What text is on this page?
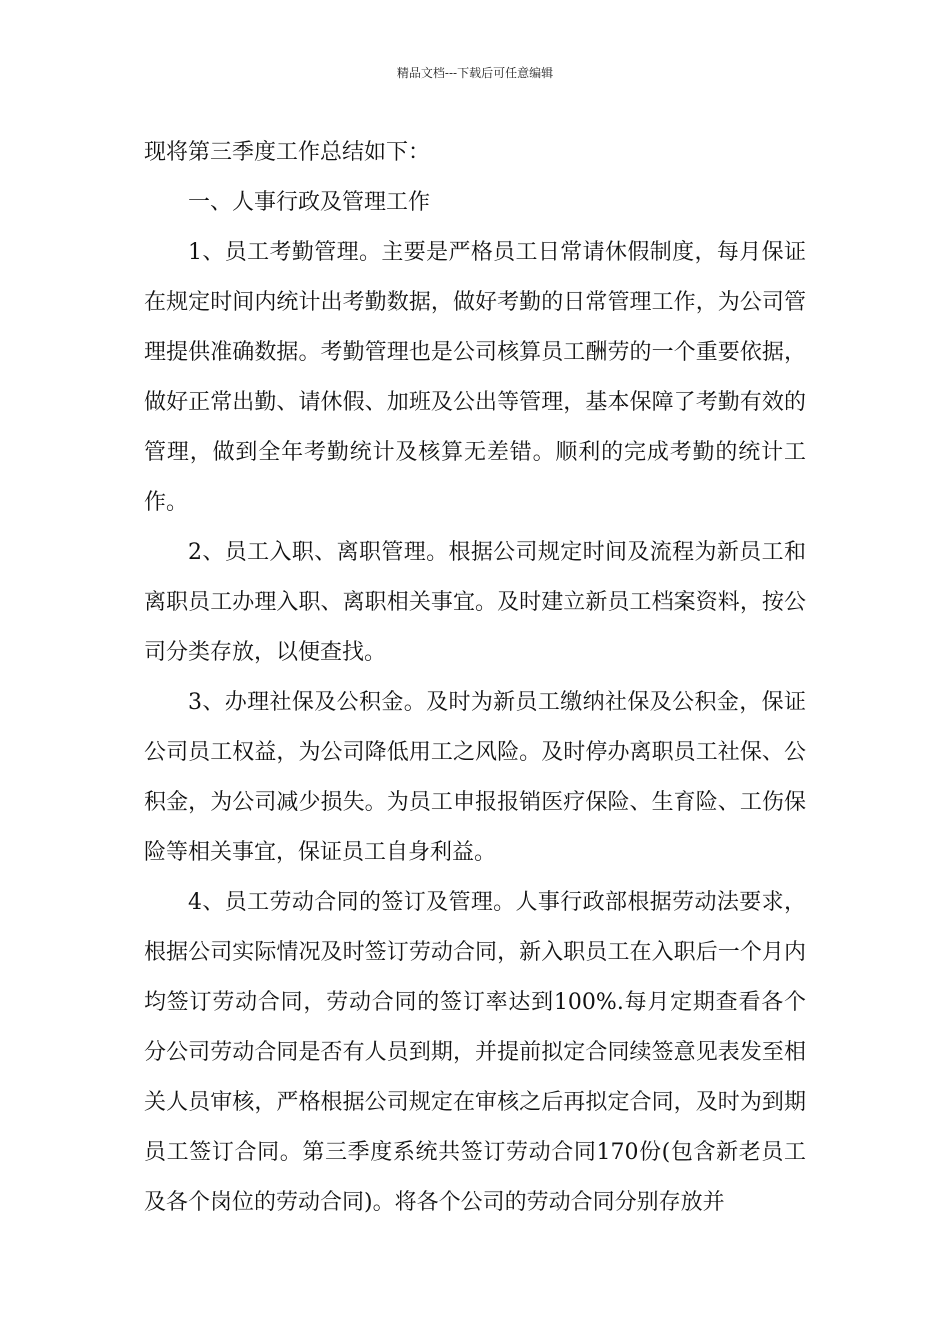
精品文档---下载后可任意编辑

现将第三季度工作总结如下：

一、人事行政及管理工作

1、员工考勤管理。主要是严格员工日常请休假制度，每月保证在规定时间内统计出考勤数据，做好考勤的日常管理工作，为公司管理提供准确数据。考勤管理也是公司核算员工酬劳的一个重要依据，做好正常出勤、请休假、加班及公出等管理，基本保障了考勤有效的管理，做到全年考勤统计及核算无差错。顺利的完成考勤的统计工作。

2、员工入职、离职管理。根据公司规定时间及流程为新员工和离职员工办理入职、离职相关事宜。及时建立新员工档案资料，按公司分类存放，以便查找。

3、办理社保及公积金。及时为新员工缴纳社保及公积金，保证公司员工权益，为公司降低用工之风险。及时停办离职员工社保、公积金，为公司减少损失。为员工申报报销医疗保险、生育险、工伤保险等相关事宜，保证员工自身利益。

4、员工劳动合同的签订及管理。人事行政部根据劳动法要求，根据公司实际情况及时签订劳动合同，新入职员工在入职后一个月内均签订劳动合同，劳动合同的签订率达到100%.每月定期查看各个分公司劳动合同是否有人员到期，并提前拟定合同续签意见表发至相关人员审核，严格根据公司规定在审核之后再拟定合同，及时为到期员工签订合同。第三季度系统共签订劳动合同170份(包含新老员工及各个岗位的劳动合同)。将各个公司的劳动合同分别存放并
